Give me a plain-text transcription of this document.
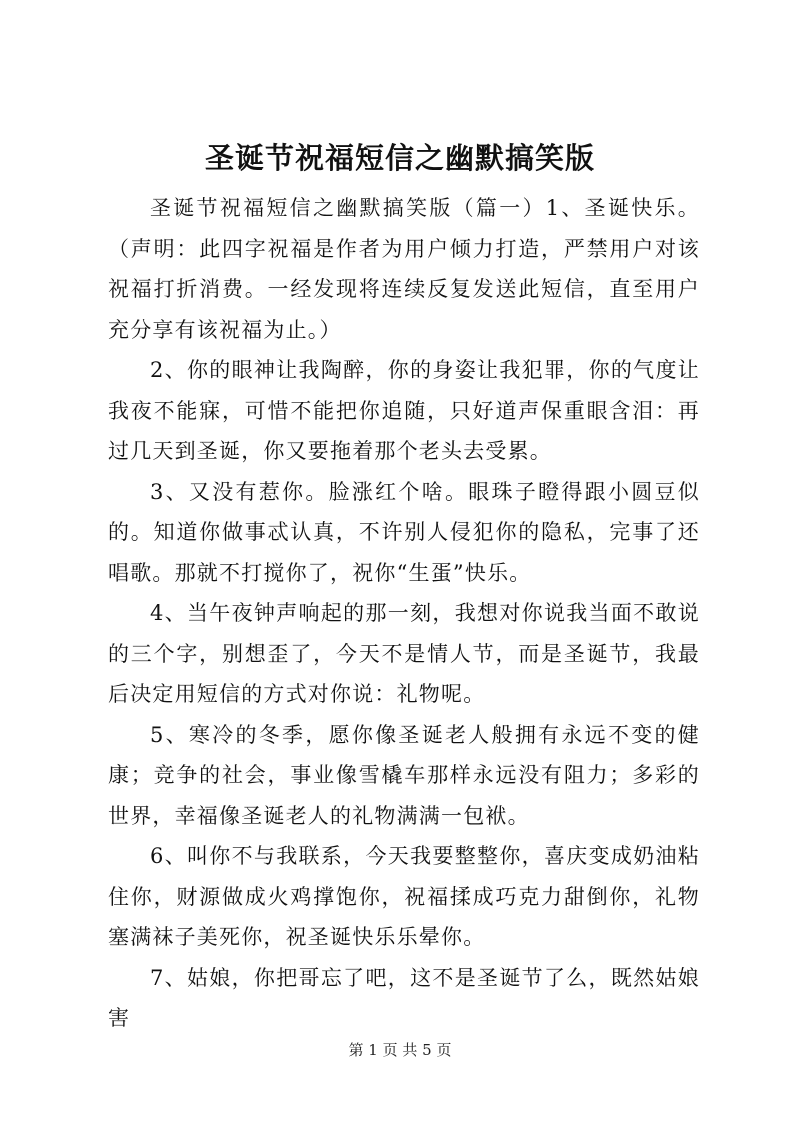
圣诞节祝福短信之幽默搞笑版

圣诞节祝福短信之幽默搞笑版（篇一）1、圣诞快乐。（声明：此四字祝福是作者为用户倾力打造，严禁用户对该祝福打折消费。一经发现将连续反复发送此短信，直至用户充分享有该祝福为止。）

2、你的眼神让我陶醉，你的身姿让我犯罪，你的气度让我夜不能寐，可惜不能把你追随，只好道声保重眼含泪：再过几天到圣诞，你又要拖着那个老头去受累。

3、又没有惹你。脸涨红个啥。眼珠子瞪得跟小圆豆似的。知道你做事忒认真，不许别人侵犯你的隐私，完事了还唱歌。那就不打搅你了，祝你“生蛋”快乐。

4、当午夜钟声响起的那一刻，我想对你说我当面不敢说的三个字，别想歪了，今天不是情人节，而是圣诞节，我最后决定用短信的方式对你说：礼物呢。

5、寒冷的冬季，愿你像圣诞老人般拥有永远不变的健康；竞争的社会，事业像雪橇车那样永远没有阻力；多彩的世界，幸福像圣诞老人的礼物满满一包袱。

6、叫你不与我联系，今天我要整整你，喜庆变成奶油粘住你，财源做成火鸡撑饱你，祝福揉成巧克力甜倒你，礼物塞满袜子美死你，祝圣诞快乐乐晕你。

7、姑娘，你把哥忘了吧，这不是圣诞节了么，既然姑娘害

第 1 页 共 5 页
